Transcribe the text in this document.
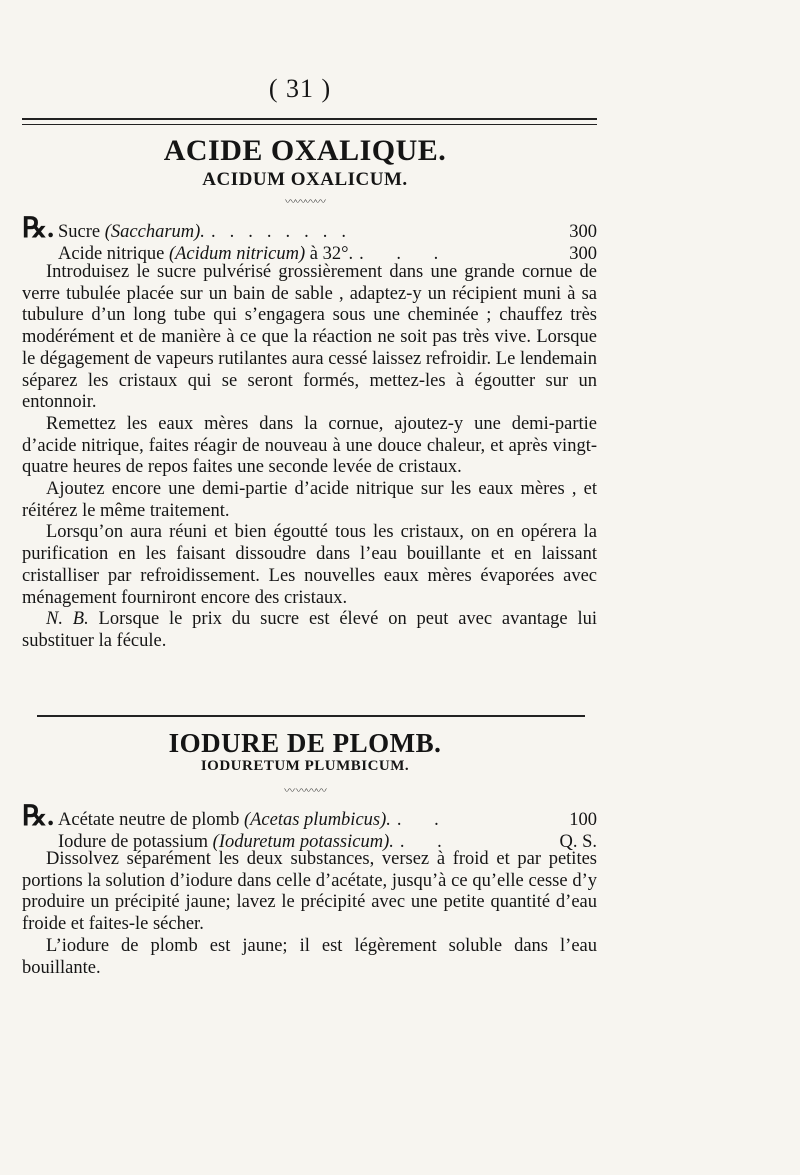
( 31 )
ACIDE OXALIQUE.
ACIDUM OXALICUM.
〰〰〰〰
℞. Sucre (Saccharum). ........	300
Acide nitrique (Acidum nitricum) à 32°. . . .	300

Introduisez le sucre pulvérisé grossièrement dans une grande cornue de verre tubulée placée sur un bain de sable , adaptez-y un récipient muni à sa tubulure d’un long tube qui s’engagera sous une cheminée ; chauffez très modérément et de manière à ce que la réaction ne soit pas très vive. Lorsque le dégagement de vapeurs rutilantes aura cessé laissez refroidir. Le lendemain séparez les cristaux qui se seront formés, mettez-les à égoutter sur un entonnoir.

Remettez les eaux mères dans la cornue, ajoutez-y une demi-partie d’acide nitrique, faites réagir de nouveau à une douce chaleur, et après vingt-quatre heures de repos faites une seconde levée de cristaux.

Ajoutez encore une demi-partie d’acide nitrique sur les eaux mères , et réitérez le même traitement.

Lorsqu’on aura réuni et bien égoutté tous les cristaux, on en opérera la purification en les faisant dissoudre dans l’eau bouillante et en laissant cristalliser par refroidissement. Les nouvelles eaux mères évaporées avec ménagement fourniront encore des cristaux.

N. B. Lorsque le prix du sucre est élevé on peut avec avantage lui substituer la fécule.

IODURE DE PLOMB.
IODURETUM PLUMBICUM.
〰 〰〰〰
℞. Acétate neutre de plomb (Acetas plumbicus). . .	100
Iodure de potassium (Ioduretum potassicum). . .	Q. S.

Dissolvez séparément les deux substances, versez à froid et par petites portions la solution d’iodure dans celle d’acétate, jusqu’à ce qu’elle cesse d’y produire un précipité jaune; lavez le précipité avec une petite quantité d’eau froide et faites-le sécher.

L’iodure de plomb est jaune; il est légèrement soluble dans l’eau bouillante.
